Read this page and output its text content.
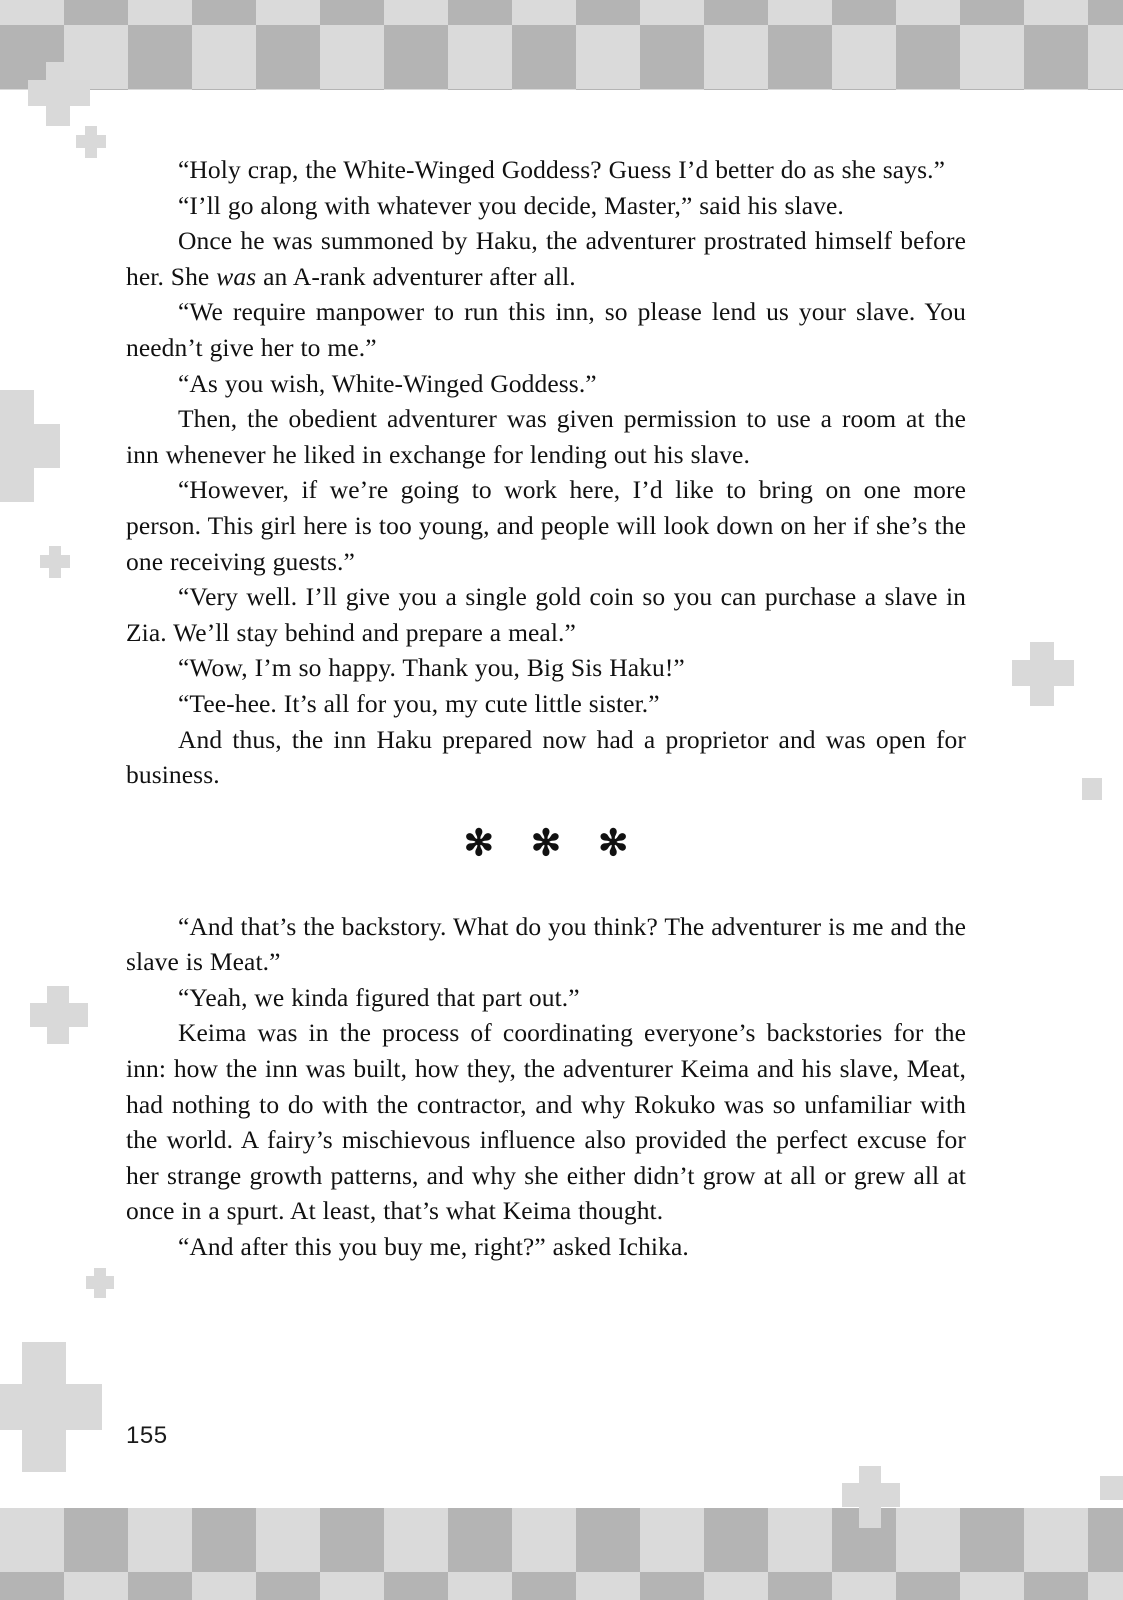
“Holy crap, the White-Winged Goddess? Guess I’d better do as she says.”

“I’ll go along with whatever you decide, Master,” said his slave.

Once he was summoned by Haku, the adventurer prostrated himself before her. She was an A-rank adventurer after all.

“We require manpower to run this inn, so please lend us your slave. You needn’t give her to me.”

“As you wish, White-Winged Goddess.”

Then, the obedient adventurer was given permission to use a room at the inn whenever he liked in exchange for lending out his slave.

“However, if we’re going to work here, I’d like to bring on one more person. This girl here is too young, and people will look down on her if she’s the one receiving guests.”

“Very well. I’ll give you a single gold coin so you can purchase a slave in Zia. We’ll stay behind and prepare a meal.”

“Wow, I’m so happy. Thank you, Big Sis Haku!”

“Tee-hee. It’s all for you, my cute little sister.”

And thus, the inn Haku prepared now had a proprietor and was open for business.

✻ ✻ ✻

“And that’s the backstory. What do you think? The adventurer is me and the slave is Meat.”

“Yeah, we kinda figured that part out.”

Keima was in the process of coordinating everyone’s backstories for the inn: how the inn was built, how they, the adventurer Keima and his slave, Meat, had nothing to do with the contractor, and why Rokuko was so unfamiliar with the world. A fairy’s mischievous influence also provided the perfect excuse for her strange growth patterns, and why she either didn’t grow at all or grew all at once in a spurt. At least, that’s what Keima thought.

“And after this you buy me, right?” asked Ichika.

155
